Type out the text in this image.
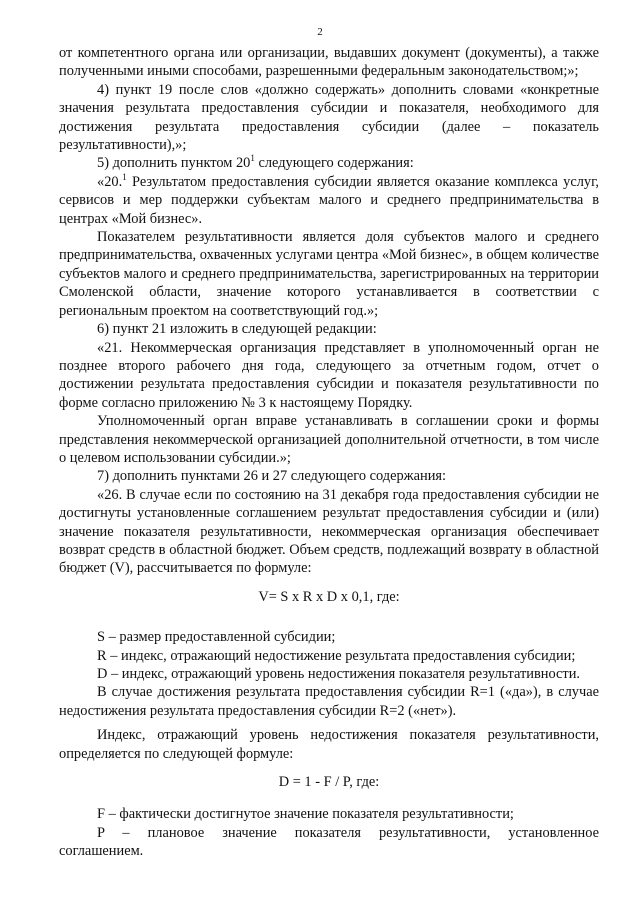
2

от компетентного органа или организации, выдавших документ (документы), а также полученными иными способами, разрешенными федеральным законодательством;»;

4) пункт 19 после слов «должно содержать» дополнить словами «конкретные значения результата предоставления субсидии и показателя, необходимого для достижения результата предоставления субсидии (далее – показатель результативности),»;

5) дополнить пунктом $20^1$ следующего содержания:

«20.$^1$ Результатом предоставления субсидии является оказание комплекса услуг, сервисов и мер поддержки субъектам малого и среднего предпринимательства в центрах «Мой бизнес».

Показателем результативности является доля субъектов малого и среднего предпринимательства, охваченных услугами центра «Мой бизнес», в общем количестве субъектов малого и среднего предпринимательства, зарегистрированных на территории Смоленской области, значение которого устанавливается в соответствии с региональным проектом на соответствующий год.»;

6) пункт 21 изложить в следующей редакции:

«21. Некоммерческая организация представляет в уполномоченный орган не позднее второго рабочего дня года, следующего за отчетным годом, отчет о достижении результата предоставления субсидии и показателя результативности по форме согласно приложению № 3 к настоящему Порядку.

Уполномоченный орган вправе устанавливать в соглашении сроки и формы представления некоммерческой организацией дополнительной отчетности, в том числе о целевом использовании субсидии.»;

7) дополнить пунктами 26 и 27 следующего содержания:

«26. В случае если по состоянию на 31 декабря года предоставления субсидии не достигнуты установленные соглашением результат предоставления субсидии и (или) значение показателя результативности, некоммерческая организация обеспечивает возврат средств в областной бюджет. Объем средств, подлежащий возврату в областной бюджет (V), рассчитывается по формуле:

V= S x R x D x 0,1, где:

S – размер предоставленной субсидии;

R – индекс, отражающий недостижение результата предоставления субсидии;

D – индекс, отражающий уровень недостижения показателя результативности.

В случае достижения результата предоставления субсидии R=1 («да»), в случае недостижения результата предоставления субсидии R=2 («нет»).

Индекс, отражающий уровень недостижения показателя результативности, определяется по следующей формуле:

D = 1 - F / P, где:

F – фактически достигнутое значение показателя результативности;

P – плановое значение показателя результативности, установленное соглашением.
